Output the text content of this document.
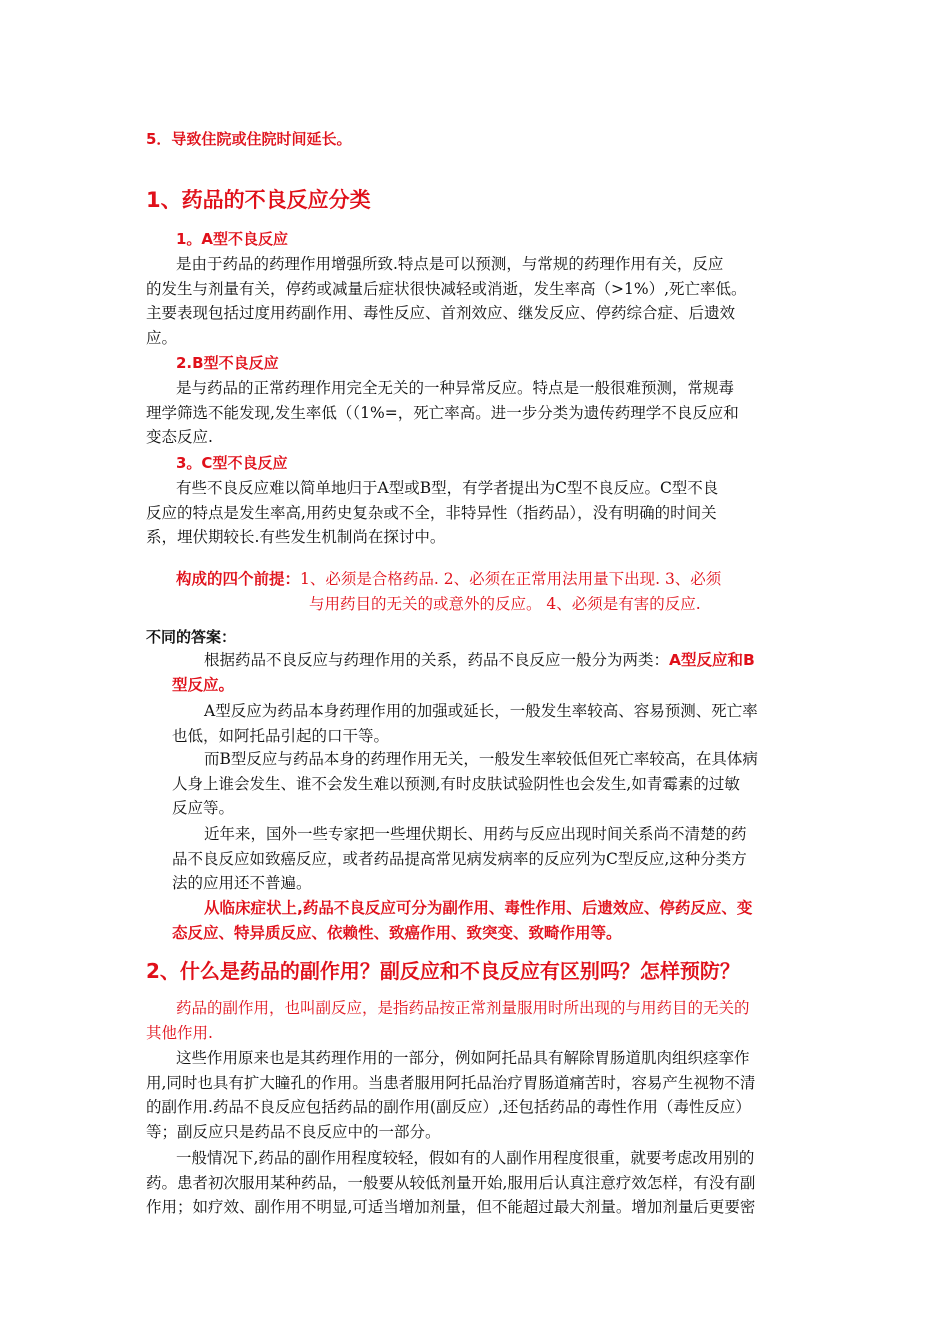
5．导致住院或住院时间延长。
1、药品的不良反应分类
1。A型不良反应
是由于药品的药理作用增强所致.特点是可以预测，与常规的药理作用有关，反应
的发生与剂量有关，停药或减量后症状很快减轻或消逝，发生率高（>1%）,死亡率低。
主要表现包括过度用药副作用、毒性反应、首剂效应、继发反应、停药综合症、后遗效
应。
2.B型不良反应
是与药品的正常药理作用完全无关的一种异常反应。特点是一般很难预测，常规毒
理学筛选不能发现,发生率低（（1%=，死亡率高。进一步分类为遗传药理学不良反应和
变态反应.
3。C型不良反应
有些不良反应难以简单地归于A型或B型，有学者提出为C型不良反应。C型不良
反应的特点是发生率高,用药史复杂或不全，非特异性（指药品），没有明确的时间关
系，埋伏期较长.有些发生机制尚在探讨中。
构成的四个前提：1、必须是合格药品. 2、必须在正常用法用量下出现. 3、必须
与用药目的无关的或意外的反应。 4、必须是有害的反应.
不同的答案：
根据药品不良反应与药理作用的关系，药品不良反应一般分为两类：A型反应和B
型反应。
A型反应为药品本身药理作用的加强或延长，一般发生率较高、容易预测、死亡率
也低，如阿托品引起的口干等。
而B型反应与药品本身的药理作用无关，一般发生率较低但死亡率较高，在具体病
人身上谁会发生、谁不会发生难以预测,有时皮肤试验阴性也会发生,如青霉素的过敏
反应等。
近年来，国外一些专家把一些埋伏期长、用药与反应出现时间关系尚不清楚的药
品不良反应如致癌反应，或者药品提高常见病发病率的反应列为C型反应,这种分类方
法的应用还不普遍。
从临床症状上,药品不良反应可分为副作用、毒性作用、后遗效应、停药反应、变
态反应、特异质反应、依赖性、致癌作用、致突变、致畸作用等。
2、什么是药品的副作用？副反应和不良反应有区别吗？怎样预防？
药品的副作用，也叫副反应，是指药品按正常剂量服用时所出现的与用药目的无关的
其他作用.
这些作用原来也是其药理作用的一部分，例如阿托品具有解除胃肠道肌肉组织痉挛作
用,同时也具有扩大瞳孔的作用。当患者服用阿托品治疗胃肠道痛苦时，容易产生视物不清
的副作用.药品不良反应包括药品的副作用(副反应）,还包括药品的毒性作用（毒性反应）
等；副反应只是药品不良反应中的一部分。
一般情况下,药品的副作用程度较轻，假如有的人副作用程度很重，就要考虑改用别的
药。患者初次服用某种药品，一般要从较低剂量开始,服用后认真注意疗效怎样，有没有副
作用；如疗效、副作用不明显,可适当增加剂量，但不能超过最大剂量。增加剂量后更要密
